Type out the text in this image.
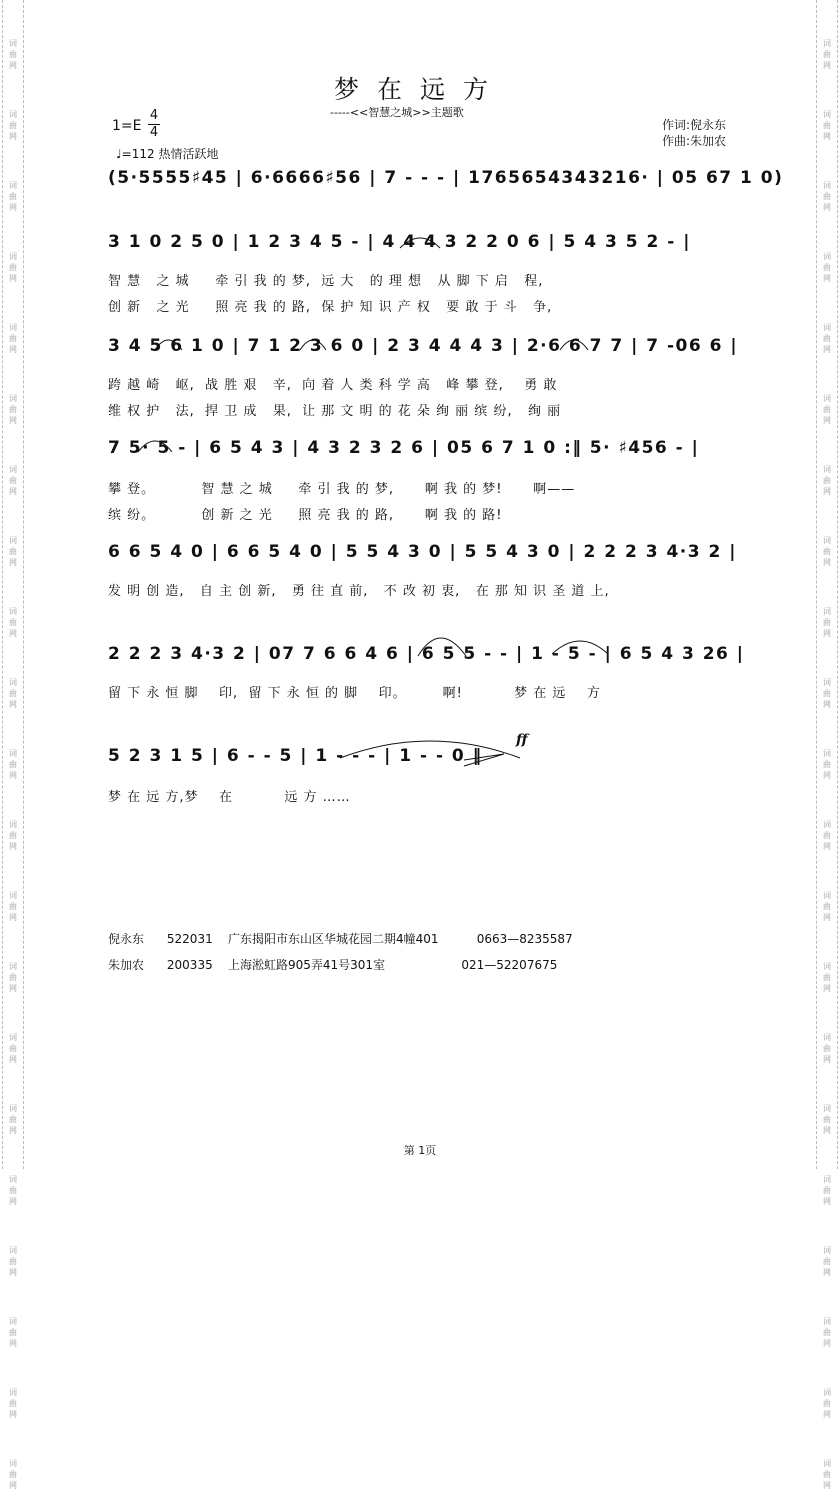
词曲网
词曲网
词曲网
词曲网
词曲网
词曲网
词曲网
词曲网
词曲网
词曲网
词曲网
词曲网
词曲网
词曲网
词曲网
词曲网
词曲网
词曲网
词曲网
词曲网
词曲网
词曲网
词曲网
词曲网
词曲网
词曲网
词曲网
词曲网
词曲网
词曲网
词曲网
词曲网
词曲网
词曲网
词曲网
词曲网
词曲网
词曲网
词曲网
词曲网
词曲网
词曲网
梦在远方
-----<<智慧之城>>主题歌
作词:倪永东
作曲:朱加农
1=E
4
4
♩=112 热情活跃地
(5·5555♯45 | 6·6666♯56 | 7 - - - | 1765654343216· | 05 67 1 0)
3 1 0 2 5 0 | 1 2 3 4 5 - | 4 4 4 3 2 2 0 6 | 5 4 3 5 2 - |
智 慧   之 城     牵 引 我 的 梦,  远 大   的 理 想   从 脚 下 启   程,
创 新   之 光     照 亮 我 的 路,  保 护 知 识 产 权   要 敢 于 斗   争,
3 4 5 6 1 0 | 7 1 2 3 6 0 | 2 3 4 4 4 3 | 2·6 6 7 7 | 7 -06 6 |
跨 越 崎   岖,  战 胜 艰   辛,  向 着 人 类 科 学 高   峰 攀 登,    勇 敢
维 权 护   法,  捍 卫 成   果,  让 那 文 明 的 花 朵 绚 丽 缤 纷,   绚 丽
7 5· 5 - | 6 5 4 3 | 4 3 2 3 2 6 | 05 6 7 1 0 :‖ 5· ♯456 - |
攀 登。         智 慧 之 城     牵 引 我 的 梦,      啊 我 的 梦!      啊——
缤 纷。         创 新 之 光     照 亮 我 的 路,      啊 我 的 路!
6 6 5 4 0 | 6 6 5 4 0 | 5 5 4 3 0 | 5 5 4 3 0 | 2 2 2 3 4·3 2 |
发 明 创 造,   自 主 创 新,   勇 往 直 前,   不 改 初 衷,   在 那 知 识 圣 道 上,
2 2 2 3 4·3 2 | 07 7 6 6 4 6 | 6 5 5 - - | 1 - 5 - | 6 5 4 3 26 |
留 下 永 恒 脚    印,  留 下 永 恒 的 脚    印。       啊!          梦 在 远    方
5 2 3 1 5 | 6 - - 5 | 1 - - - | 1 - - 0 ‖
ff
梦 在 远 方,梦    在          远 方 ……
倪永东 522031 广东揭阳市东山区华城花园二期4幢401	0663—8235587
朱加农 200335 上海淞虹路905弄41号301室	021—52207675
第 1页
